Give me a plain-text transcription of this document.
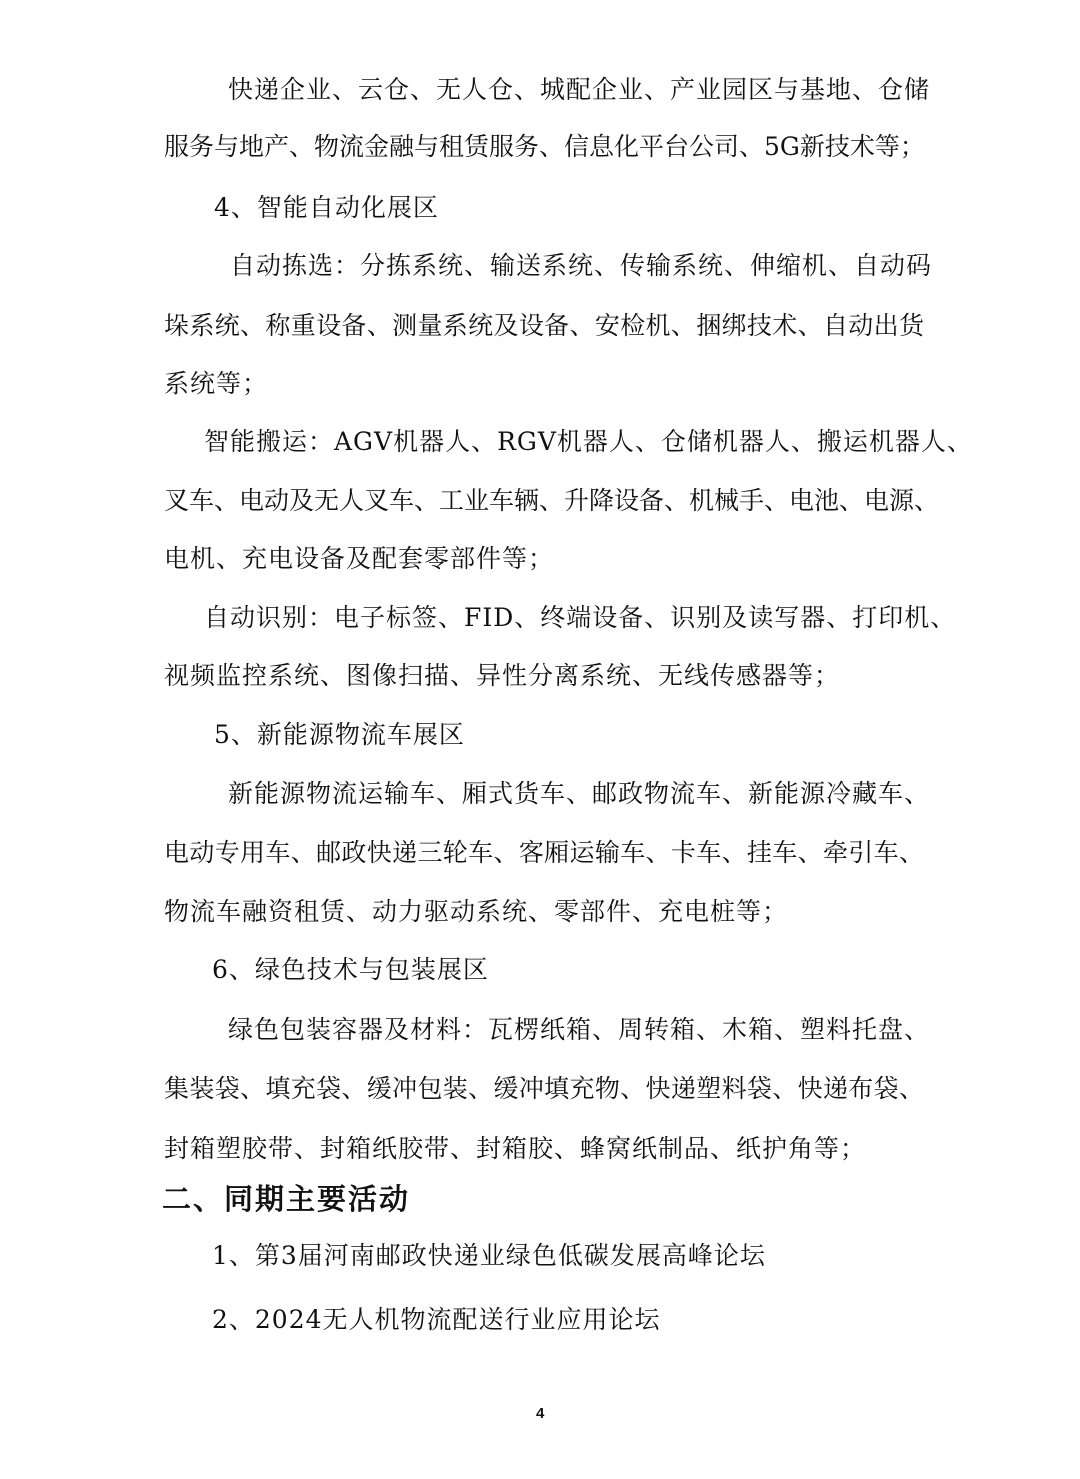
快递企业、云仓、无人仓、城配企业、产业园区与基地、仓储
服务与地产、物流金融与租赁服务、信息化平台公司、5G新技术等；
4、智能自动化展区
自动拣选：分拣系统、输送系统、传输系统、伸缩机、自动码
垛系统、称重设备、测量系统及设备、安检机、捆绑技术、自动出货
系统等；
智能搬运：AGV机器人、RGV机器人、仓储机器人、搬运机器人、
叉车、电动及无人叉车、工业车辆、升降设备、机械手、电池、电源、
电机、充电设备及配套零部件等；
自动识别：电子标签、FID、终端设备、识别及读写器、打印机、
视频监控系统、图像扫描、异性分离系统、无线传感器等；
5、新能源物流车展区
新能源物流运输车、厢式货车、邮政物流车、新能源冷藏车、
电动专用车、邮政快递三轮车、客厢运输车、卡车、挂车、牵引车、
物流车融资租赁、动力驱动系统、零部件、充电桩等；
6、绿色技术与包装展区
绿色包装容器及材料：瓦楞纸箱、周转箱、木箱、塑料托盘、
集装袋、填充袋、缓冲包装、缓冲填充物、快递塑料袋、快递布袋、
封箱塑胶带、封箱纸胶带、封箱胶、蜂窝纸制品、纸护角等；
二、同期主要活动
1、第3届河南邮政快递业绿色低碳发展高峰论坛
2、2024无人机物流配送行业应用论坛
4
